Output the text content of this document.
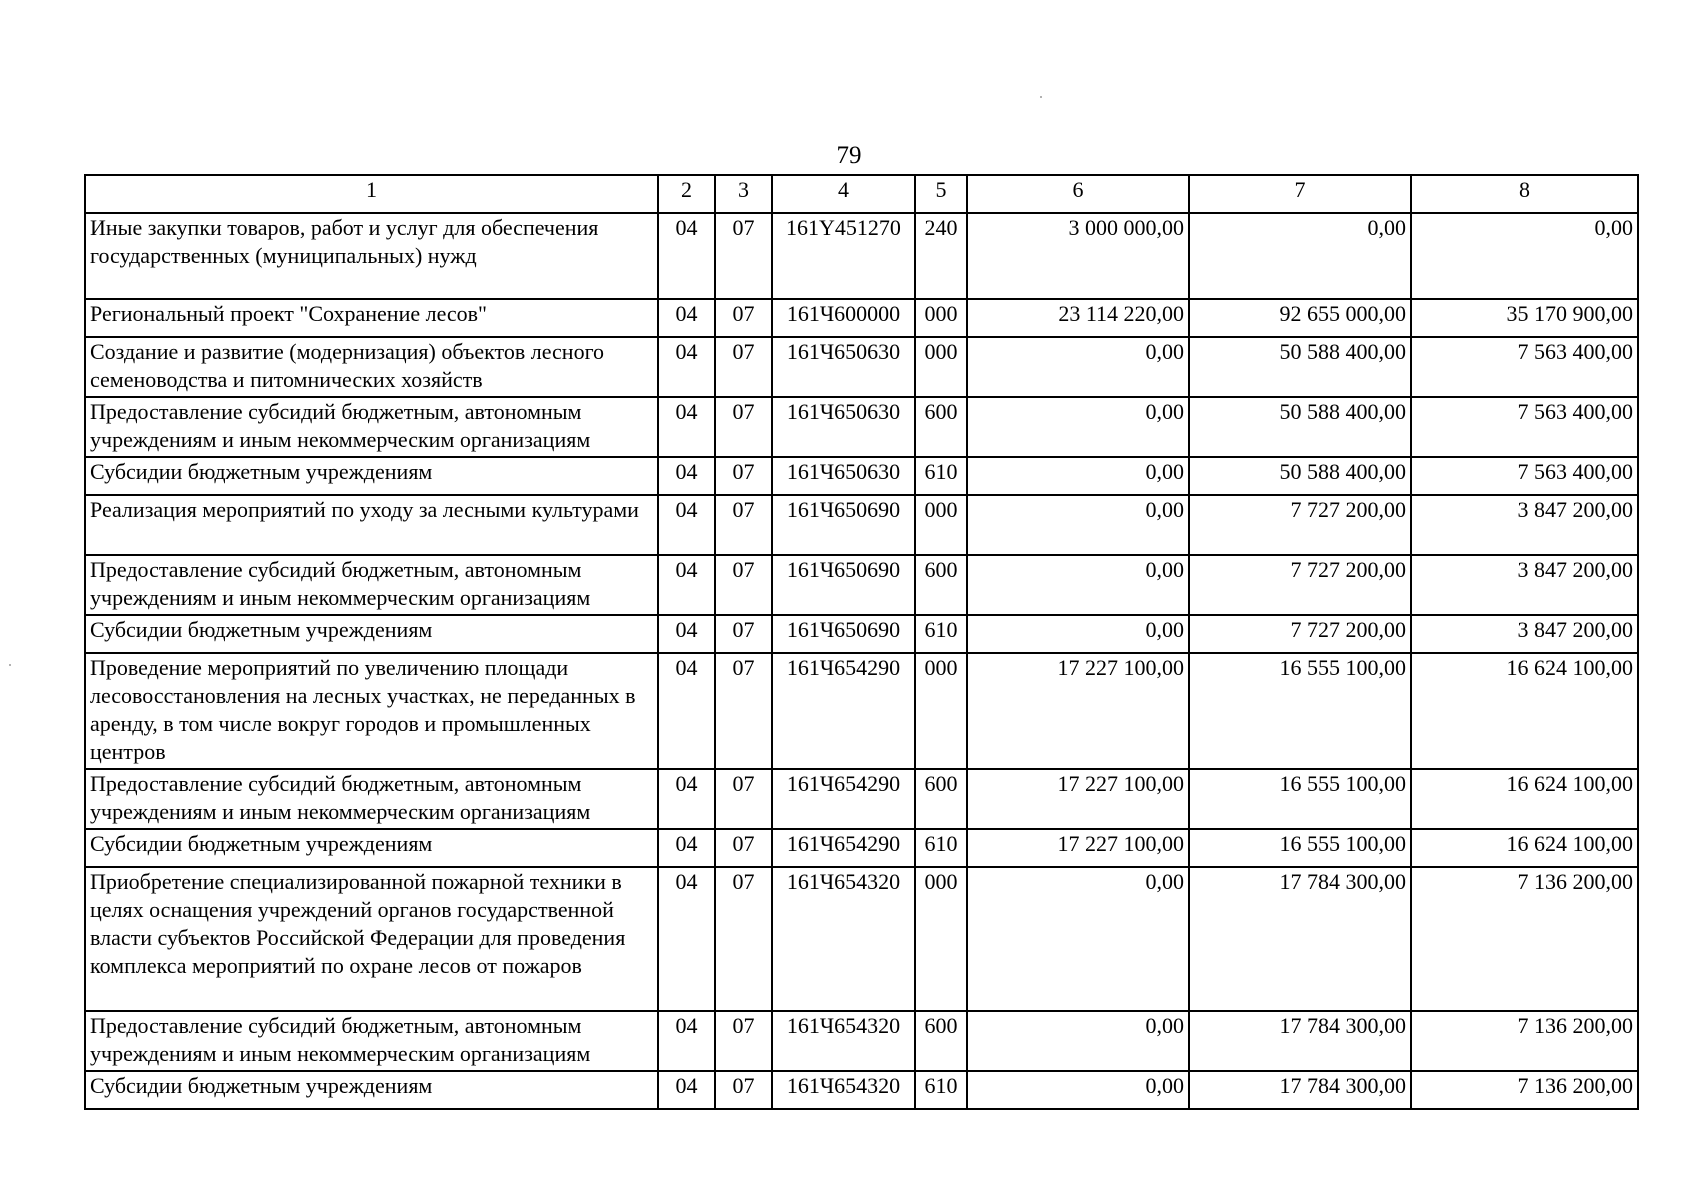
79
1	2	3	4	5	6	7	8
Иные закупки товаров, работ и услуг для обеспечения государственных (муниципальных) нужд	04	07	161Y451270	240	3 000 000,00	0,00	0,00
Региональный проект "Сохранение лесов"	04	07	161Ч600000	000	23 114 220,00	92 655 000,00	35 170 900,00
Создание и развитие (модернизация) объектов лесного семеноводства и питомнических хозяйств	04	07	161Ч650630	000	0,00	50 588 400,00	7 563 400,00
Предоставление субсидий бюджетным, автономным учреждениям и иным некоммерческим организациям	04	07	161Ч650630	600	0,00	50 588 400,00	7 563 400,00
Субсидии бюджетным учреждениям	04	07	161Ч650630	610	0,00	50 588 400,00	7 563 400,00
Реализация мероприятий по уходу за лесными культурами	04	07	161Ч650690	000	0,00	7 727 200,00	3 847 200,00
Предоставление субсидий бюджетным, автономным учреждениям и иным некоммерческим организациям	04	07	161Ч650690	600	0,00	7 727 200,00	3 847 200,00
Субсидии бюджетным учреждениям	04	07	161Ч650690	610	0,00	7 727 200,00	3 847 200,00
Проведение мероприятий по увеличению площади лесовосстановления на лесных участках, не переданных в аренду, в том числе вокруг городов и промышленных центров	04	07	161Ч654290	000	17 227 100,00	16 555 100,00	16 624 100,00
Предоставление субсидий бюджетным, автономным учреждениям и иным некоммерческим организациям	04	07	161Ч654290	600	17 227 100,00	16 555 100,00	16 624 100,00
Субсидии бюджетным учреждениям	04	07	161Ч654290	610	17 227 100,00	16 555 100,00	16 624 100,00
Приобретение специализированной пожарной техники в целях оснащения учреждений органов государственной власти субъектов Российской Федерации для проведения комплекса мероприятий по охране лесов от пожаров	04	07	161Ч654320	000	0,00	17 784 300,00	7 136 200,00
Предоставление субсидий бюджетным, автономным учреждениям и иным некоммерческим организациям	04	07	161Ч654320	600	0,00	17 784 300,00	7 136 200,00
Субсидии бюджетным учреждениям	04	07	161Ч654320	610	0,00	17 784 300,00	7 136 200,00
